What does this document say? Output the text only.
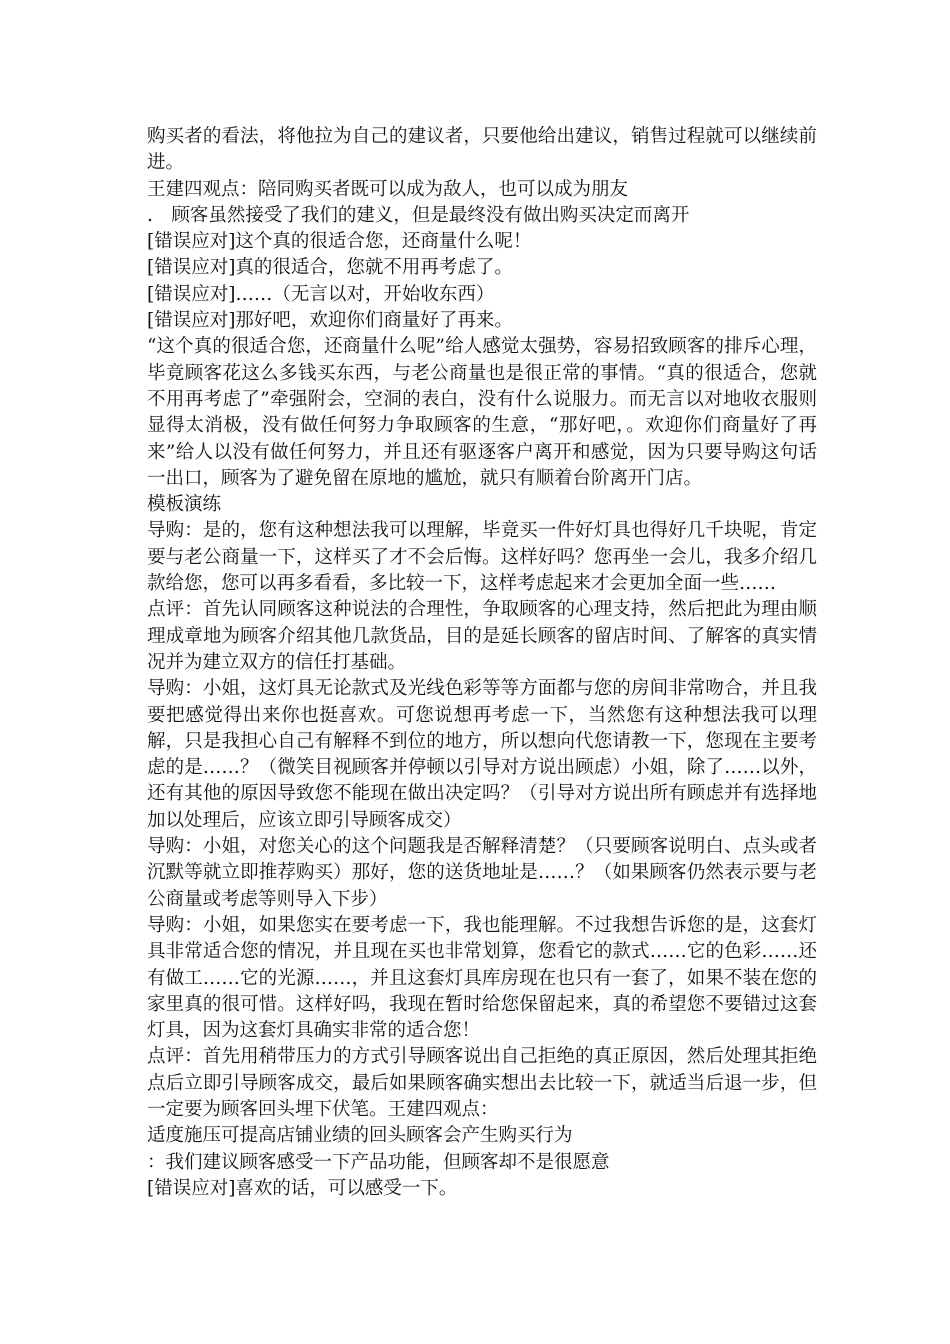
购买者的看法，将他拉为自己的建议者，只要他给出建议，销售过程就可以继续前进。

王建四观点：陪同购买者既可以成为敌人，也可以成为朋友

.　顾客虽然接受了我们的建义，但是最终没有做出购买决定而离开

[错误应对]这个真的很适合您，还商量什么呢！

[错误应对]真的很适合，您就不用再考虑了。

[错误应对]……（无言以对，开始收东西）

[错误应对]那好吧，欢迎你们商量好了再来。

“这个真的很适合您，还商量什么呢”给人感觉太强势，容易招致顾客的排斥心理，毕竟顾客花这么多钱买东西，与老公商量也是很正常的事情。“真的很适合，您就不用再考虑了”牵强附会，空洞的表白，没有什么说服力。而无言以对地收衣服则显得太消极，没有做任何努力争取顾客的生意，“那好吧，。欢迎你们商量好了再来”给人以没有做任何努力，并且还有驱逐客户离开和感觉，因为只要导购这句话一出口，顾客为了避免留在原地的尴尬，就只有顺着台阶离开门店。

模板演练

导购：是的，您有这种想法我可以理解，毕竟买一件好灯具也得好几千块呢，肯定要与老公商量一下，这样买了才不会后悔。这样好吗？您再坐一会儿，我多介绍几款给您，您可以再多看看，多比较一下，这样考虑起来才会更加全面一些……

点评：首先认同顾客这种说法的合理性，争取顾客的心理支持，然后把此为理由顺理成章地为顾客介绍其他几款货品，目的是延长顾客的留店时间、了解客的真实情况并为建立双方的信任打基础。

导购：小姐，这灯具无论款式及光线色彩等等方面都与您的房间非常吻合，并且我要把感觉得出来你也挺喜欢。可您说想再考虑一下，当然您有这种想法我可以理解，只是我担心自己有解释不到位的地方，所以想向代您请教一下，您现在主要考虑的是……？（微笑目视顾客并停顿以引导对方说出顾虑）小姐，除了……以外，还有其他的原因导致您不能现在做出决定吗？（引导对方说出所有顾虑并有选择地加以处理后，应该立即引导顾客成交）

导购：小姐，对您关心的这个问题我是否解释清楚？（只要顾客说明白、点头或者沉默等就立即推荐购买）那好，您的送货地址是……？（如果顾客仍然表示要与老公商量或考虑等则导入下步）

导购：小姐，如果您实在要考虑一下，我也能理解。不过我想告诉您的是，这套灯具非常适合您的情况，并且现在买也非常划算，您看它的款式……它的色彩……还有做工……它的光源……，并且这套灯具库房现在也只有一套了，如果不装在您的家里真的很可惜。这样好吗，我现在暂时给您保留起来，真的希望您不要错过这套灯具，因为这套灯具确实非常的适合您！

点评：首先用稍带压力的方式引导顾客说出自己拒绝的真正原因，然后处理其拒绝点后立即引导顾客成交，最后如果顾客确实想出去比较一下，就适当后退一步，但一定要为顾客回头埋下伏笔。王建四观点：

适度施压可提高店铺业绩的回头顾客会产生购买行为

：我们建议顾客感受一下产品功能，但顾客却不是很愿意

[错误应对]喜欢的话，可以感受一下。
